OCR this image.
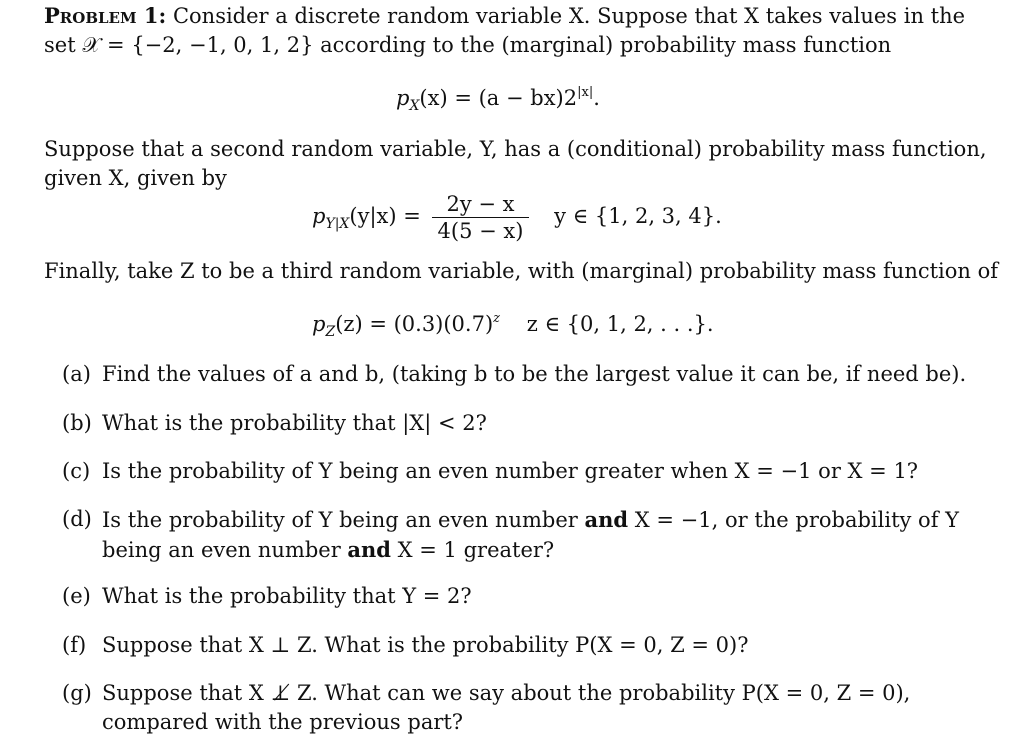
Problem 1: Consider a discrete random variable X. Suppose that X takes values in the
set 𝒳 = {−2, −1, 0, 1, 2} according to the (marginal) probability mass function
$p_X(x) = (a - bx)2^{|x|}$.
Suppose that a second random variable, Y, has a (conditional) probability mass function,
given X, given by
$p_{Y|X}(y|x) = \frac{2y - x}{4(5 - x)}$ y ∈ {1, 2, 3, 4}.
Finally, take Z to be a third random variable, with (marginal) probability mass function of
$p_Z(z) = (0.3)(0.7)^z$ z ∈ {0, 1, 2, . . .}.
(a) Find the values of a and b, (taking b to be the largest value it can be, if need be).
(b) What is the probability that |X| < 2?
(c) Is the probability of Y being an even number greater when X = −1 or X = 1?
(d) Is the probability of Y being an even number and X = −1, or the probability of Y
being an even number and X = 1 greater?
(e) What is the probability that Y = 2?
(f) Suppose that X ⊥ Z. What is the probability P(X = 0, Z = 0)?
(g) Suppose that X ⊥̸ Z. What can we say about the probability P(X = 0, Z = 0),
compared with the previous part?
